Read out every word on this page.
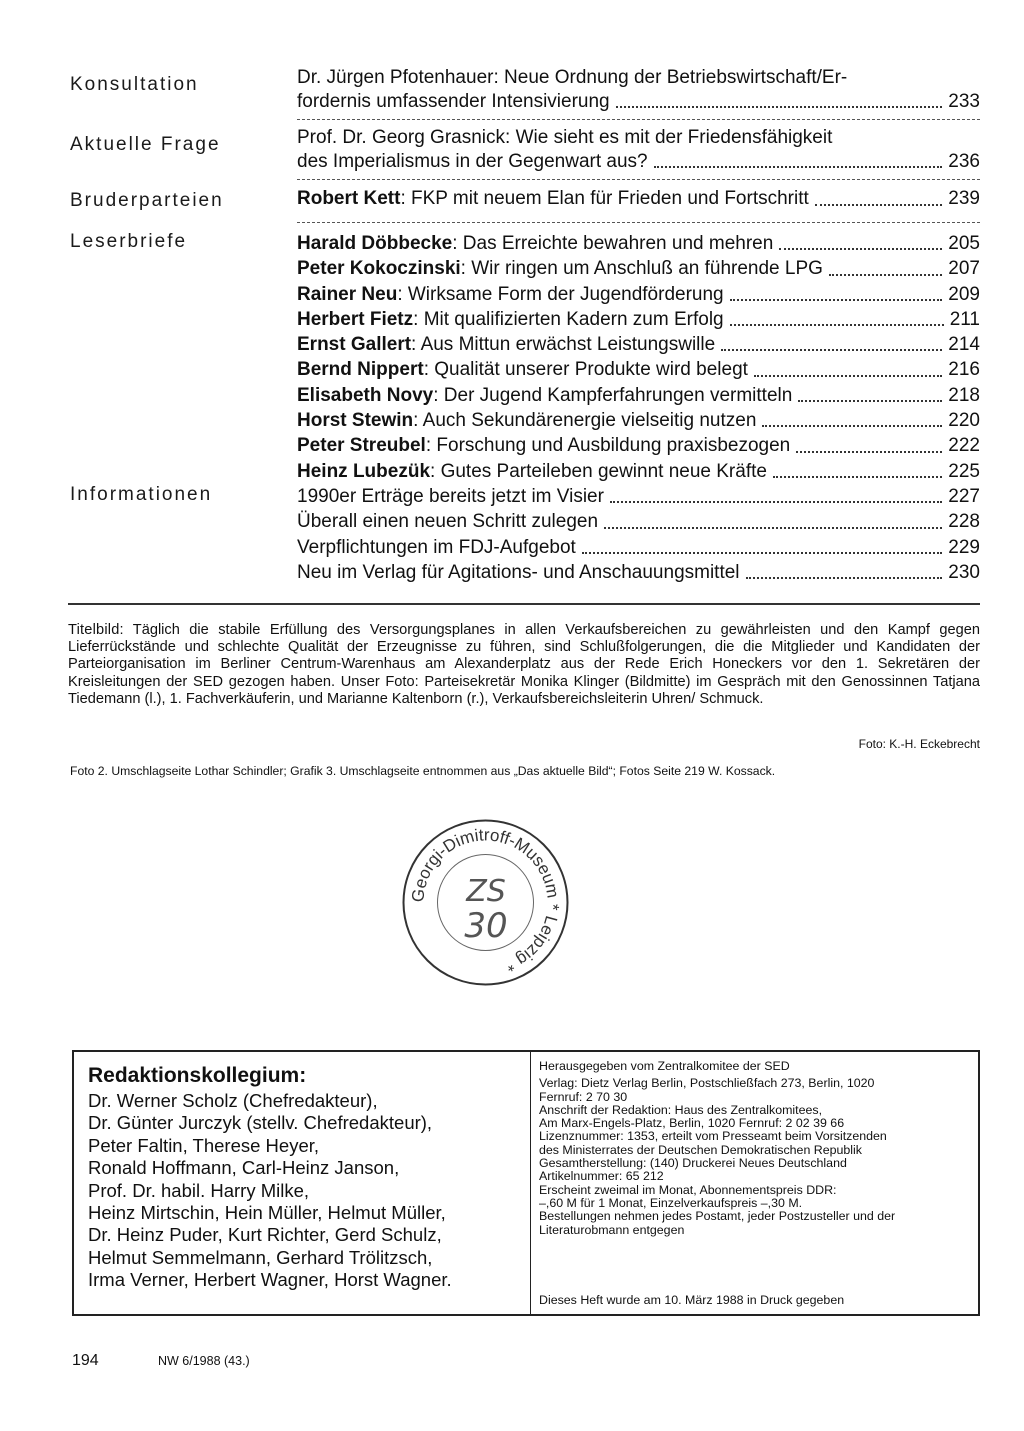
Konsultation	Dr. Jürgen Pfotenhauer: Neue Ordnung der Betriebswirtschaft/Er-
fordernis umfassender Intensivierung	233
Aktuelle Frage	Prof. Dr. Georg Grasnick: Wie sieht es mit der Friedensfähigkeit
des Imperialismus in der Gegenwart aus?	236
Bruderparteien	Robert Kett: FKP mit neuem Elan für Frieden und Fortschritt	239
Leserbriefe	Harald Döbbecke: Das Erreichte bewahren und mehren	205
Peter Kokoczinski: Wir ringen um Anschluß an führende LPG	207
Rainer Neu: Wirksame Form der Jugendförderung	209
Herbert Fietz: Mit qualifizierten Kadern zum Erfolg	211
Ernst Gallert: Aus Mittun erwächst Leistungswille	214
Bernd Nippert: Qualität unserer Produkte wird belegt	216
Elisabeth Novy: Der Jugend Kampferfahrungen vermitteln	218
Horst Stewin: Auch Sekundärenergie vielseitig nutzen	220
Peter Streubel: Forschung und Ausbildung praxisbezogen	222
Heinz Lubezük: Gutes Parteileben gewinnt neue Kräfte	225
Informationen	1990er Erträge bereits jetzt im Visier	227
Überall einen neuen Schritt zulegen	228
Verpflichtungen im FDJ-Aufgebot	229
Neu im Verlag für Agitations- und Anschauungsmittel	230
Titelbild: Täglich die stabile Erfüllung des Versorgungsplanes in allen Verkaufsbereichen zu gewährleisten und den Kampf gegen Lieferrückstände und schlechte Qualität der Erzeugnisse zu führen, sind Schlußfolgerungen, die die Mitglieder und Kandidaten der Parteiorganisation im Berliner Centrum-Warenhaus am Alexanderplatz aus der Rede Erich Honeckers vor den 1. Sekretären der Kreisleitungen der SED gezogen haben. Unser Foto: Parteisekretär Monika Klinger (Bildmitte) im Gespräch mit den Genossinnen Tatjana Tiedemann (l.), 1. Fachverkäuferin, und Marianne Kaltenborn (r.), Verkaufsbereichsleiterin Uhren/ Schmuck.
Foto: K.-H. Eckebrecht
Foto 2. Umschlagseite Lothar Schindler; Grafik 3. Umschlagseite entnommen aus „Das aktuelle Bild“; Fotos Seite 219 W. Kossack.
Georgi-Dimitroff-Museum * Leipzig *
ZS
30
Redaktionskollegium:
Dr. Werner Scholz (Chefredakteur),
Dr. Günter Jurczyk (stellv. Chefredakteur),
Peter Faltin, Therese Heyer,
Ronald Hoffmann, Carl-Heinz Janson,
Prof. Dr. habil. Harry Milke,
Heinz Mirtschin, Hein Müller, Helmut Müller,
Dr. Heinz Puder, Kurt Richter, Gerd Schulz,
Helmut Semmelmann, Gerhard Trölitzsch,
Irma Verner, Herbert Wagner, Horst Wagner.
Herausgegeben vom Zentralkomitee der SED
Verlag: Dietz Verlag Berlin, Postschließfach 273, Berlin, 1020
Fernruf: 2 70 30
Anschrift der Redaktion: Haus des Zentralkomitees,
Am Marx-Engels-Platz, Berlin, 1020 Fernruf: 2 02 39 66
Lizenznummer: 1353, erteilt vom Presseamt beim Vorsitzenden
des Ministerrates der Deutschen Demokratischen Republik
Gesamtherstellung: (140) Druckerei Neues Deutschland
Artikelnummer: 65 212
Erscheint zweimal im Monat, Abonnementspreis DDR:
–,60 M für 1 Monat, Einzelverkaufspreis –,30 M.
Bestellungen nehmen jedes Postamt, jeder Postzusteller und der
Literaturobmann entgegen
Dieses Heft wurde am 10. März 1988 in Druck gegeben
194	NW 6/1988 (43.)
